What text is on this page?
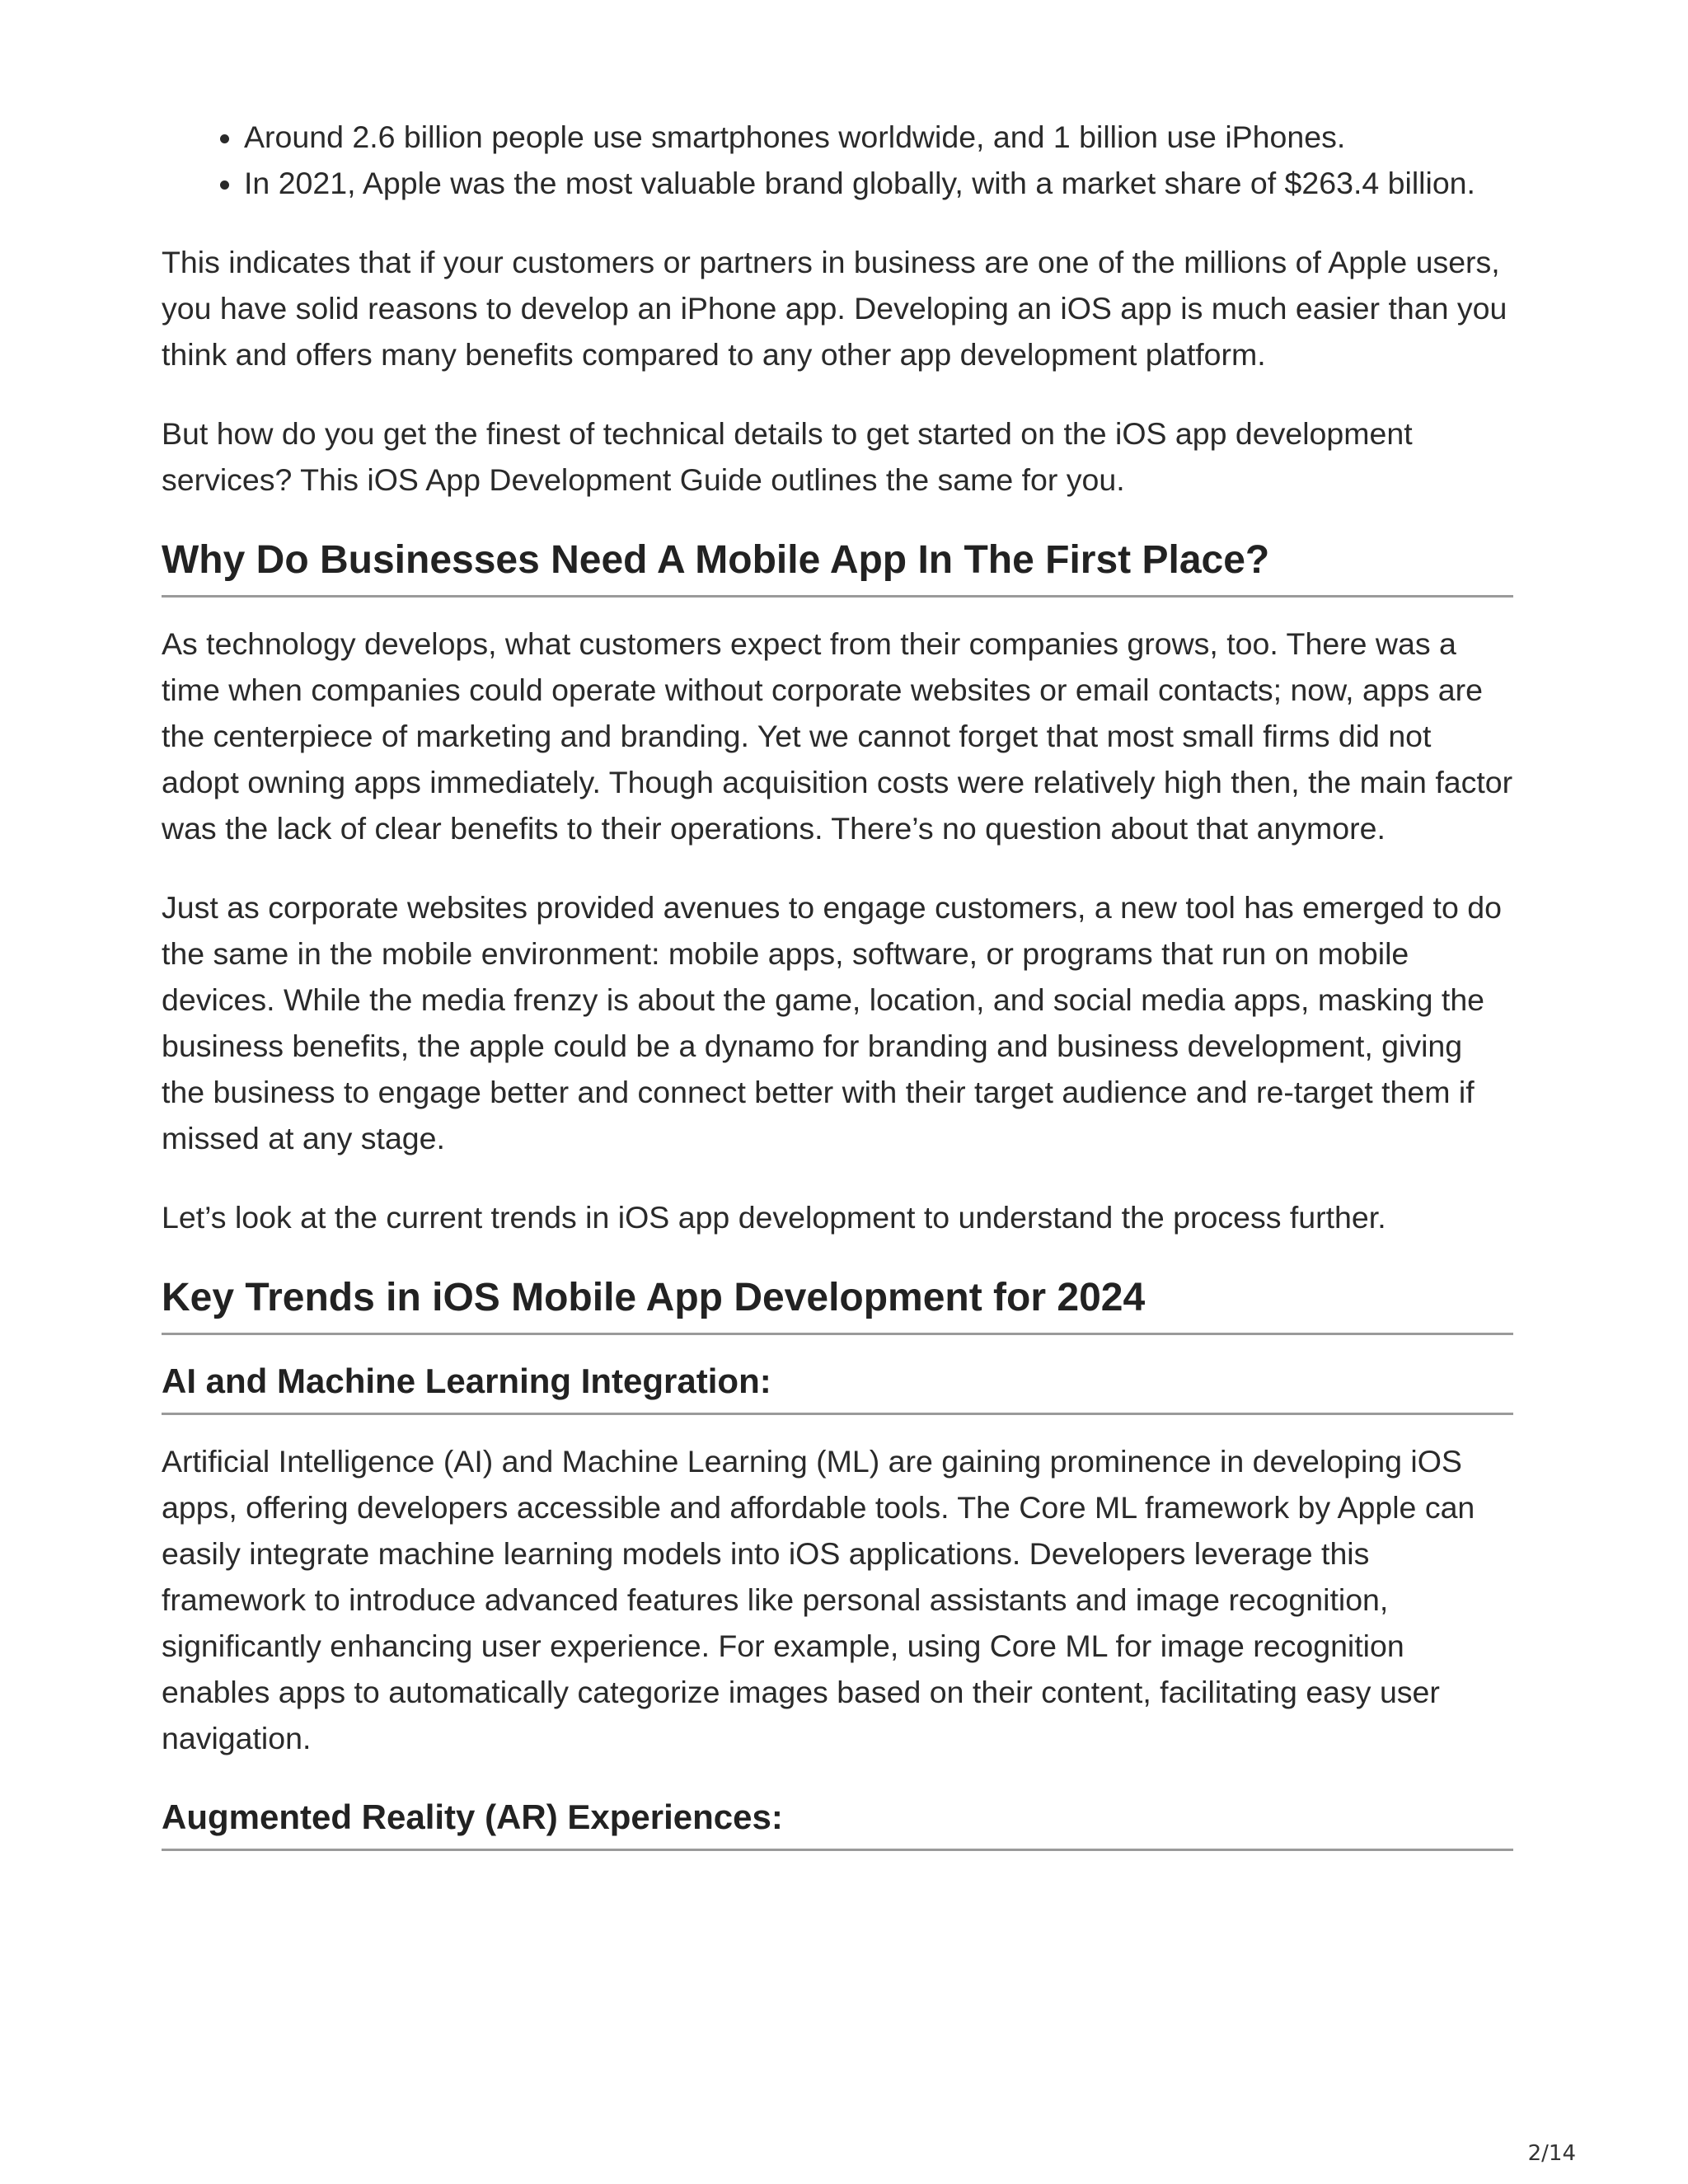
• Around 2.6 billion people use smartphones worldwide, and 1 billion use iPhones.
• In 2021, Apple was the most valuable brand globally, with a market share of $263.4 billion.

This indicates that if your customers or partners in business are one of the millions of Apple users, you have solid reasons to develop an iPhone app. Developing an iOS app is much easier than you think and offers many benefits compared to any other app development platform.

But how do you get the finest of technical details to get started on the iOS app development services? This iOS App Development Guide outlines the same for you.

Why Do Businesses Need A Mobile App In The First Place?

As technology develops, what customers expect from their companies grows, too. There was a time when companies could operate without corporate websites or email contacts; now, apps are the centerpiece of marketing and branding. Yet we cannot forget that most small firms did not adopt owning apps immediately. Though acquisition costs were relatively high then, the main factor was the lack of clear benefits to their operations. There’s no question about that anymore.

Just as corporate websites provided avenues to engage customers, a new tool has emerged to do the same in the mobile environment: mobile apps, software, or programs that run on mobile devices. While the media frenzy is about the game, location, and social media apps, masking the business benefits, the apple could be a dynamo for branding and business development, giving the business to engage better and connect better with their target audience and re-target them if missed at any stage.

Let’s look at the current trends in iOS app development to understand the process further.

Key Trends in iOS Mobile App Development for 2024
AI and Machine Learning Integration:

Artificial Intelligence (AI) and Machine Learning (ML) are gaining prominence in developing iOS apps, offering developers accessible and affordable tools. The Core ML framework by Apple can easily integrate machine learning models into iOS applications. Developers leverage this framework to introduce advanced features like personal assistants and image recognition, significantly enhancing user experience. For example, using Core ML for image recognition enables apps to automatically categorize images based on their content, facilitating easy user navigation.

Augmented Reality (AR) Experiences:
2/14
